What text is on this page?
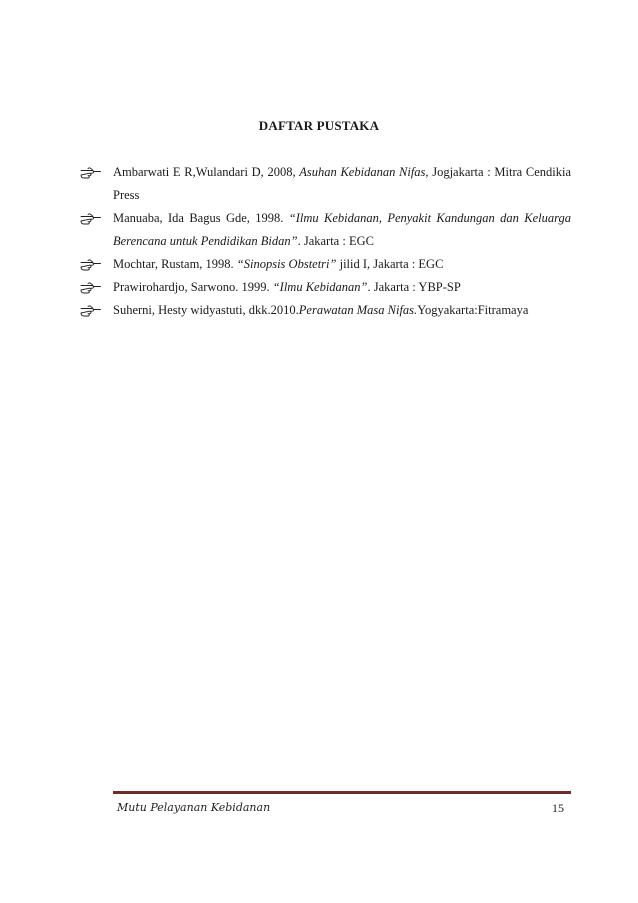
DAFTAR PUSTAKA
Ambarwati E R,Wulandari D, 2008, Asuhan Kebidanan Nifas, Jogjakarta : Mitra Cendikia Press
Manuaba, Ida Bagus Gde, 1998. “Ilmu Kebidanan, Penyakit Kandungan dan Keluarga Berencana untuk Pendidikan Bidan”. Jakarta : EGC
Mochtar, Rustam, 1998. “Sinopsis Obstetri” jilid I, Jakarta : EGC
Prawirohardjo, Sarwono. 1999. “Ilmu Kebidanan”. Jakarta : YBP-SP
Suherni, Hesty widyastuti, dkk.2010.Perawatan Masa Nifas.Yogyakarta:Fitramaya
Mutu Pelayanan Kebidanan	15
